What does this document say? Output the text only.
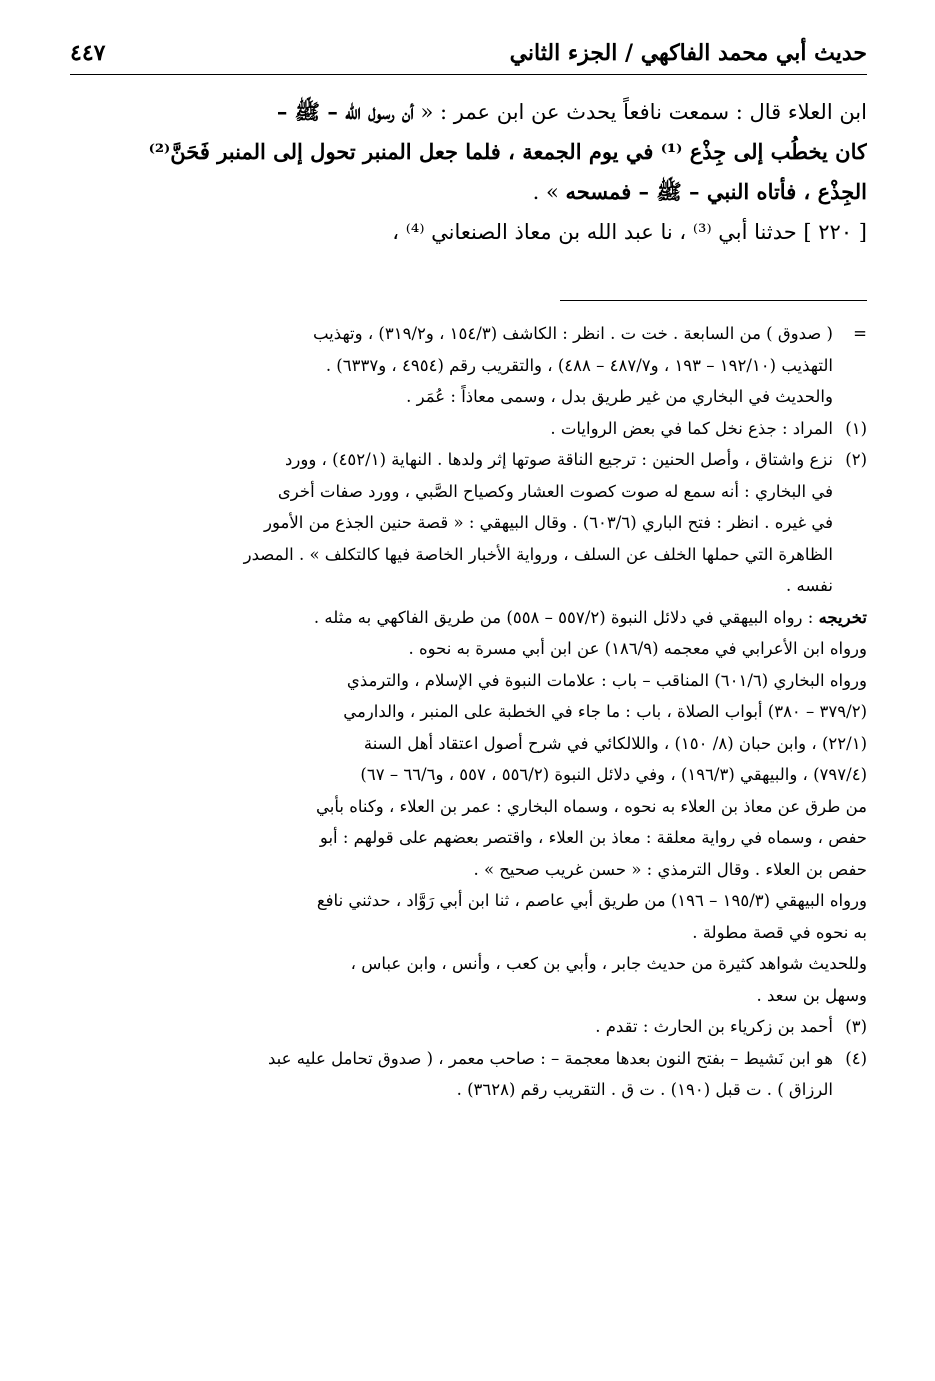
حديث أبي محمد الفاكهي / الجزء الثاني
٤٤٧
ابن العلاء قال : سمعت نافعاً يحدث عن ابن عمر : « أن رسول الله – ﷺ –
كان يخطُب إلى جِذْع ⁽¹⁾ في يوم الجمعة ، فلما جعل المنبر تحول إلى المنبر فَحَنَّ⁽²⁾
الجِذْع ، فأتاه النبي – ﷺ – فمسحه » .
[ ٢٢٠ ] حدثنا أبي ⁽³⁾ ، نا عبد الله بن معاذ الصنعاني ⁽⁴⁾ ،
=
( صدوق ) من السابعة . خت ت . انظر : الكاشف (١٥٤/٣ ، و٣١٩/٢) ، وتهذيب
التهذيب (١٩٢/١٠ – ١٩٣ ، و٤٨٧/٧ – ٤٨٨) ، والتقريب رقم (٤٩٥٤ ، و٦٣٣٧) .
والحديث في البخاري من غير طريق بدل ، وسمى معاذاً : عُمَر .
(١)
المراد : جذع نخل كما في بعض الروايات .
(٢)
نزع واشتاق ، وأصل الحنين : ترجيع الناقة صوتها إثر ولدها . النهاية (٤٥٢/١) ، وورد
في البخاري : أنه سمع له صوت كصوت العشار وكصياح الصَّبي ، وورد صفات أخرى
في غيره . انظر : فتح الباري (٦٠٣/٦) . وقال البيهقي : « قصة حنين الجذع من الأمور
الظاهرة التي حملها الخلف عن السلف ، ورواية الأخبار الخاصة فيها كالتكلف » . المصدر
نفسه .
تخريجه : رواه البيهقي في دلائل النبوة (٥٥٧/٢ – ٥٥٨) من طريق الفاكهي به مثله .
ورواه ابن الأعرابي في معجمه (١٨٦/٩) عن ابن أبي مسرة به نحوه .
ورواه البخاري (٦٠١/٦) المناقب – باب : علامات النبوة في الإسلام ، والترمذي
(٣٧٩/٢ – ٣٨٠) أبواب الصلاة ، باب : ما جاء في الخطبة على المنبر ، والدارمي
(٢٢/١) ، وابن حبان (٨/ ١٥٠) ، واللالكائي في شرح أصول اعتقاد أهل السنة
(٧٩٧/٤) ، والبيهقي (١٩٦/٣) ، وفي دلائل النبوة (٥٥٦/٢ ، ٥٥٧ ، و٦٦/٦ – ٦٧)
من طرق عن معاذ بن العلاء به نحوه ، وسماه البخاري : عمر بن العلاء ، وكناه بأبي
حفص ، وسماه في رواية معلقة : معاذ بن العلاء ، واقتصر بعضهم على قولهم : أبو
حفص بن العلاء . وقال الترمذي : « حسن غريب صحيح » .
ورواه البيهقي (١٩٥/٣ – ١٩٦) من طريق أبي عاصم ، ثنا ابن أبي رَوَّاد ، حدثني نافع
به نحوه في قصة مطولة .
وللحديث شواهد كثيرة من حديث جابر ، وأبي بن كعب ، وأنس ، وابن عباس ،
وسهل بن سعد .
(٣)
أحمد بن زكرياء بن الحارث : تقدم .
(٤)
هو ابن نَشيط – بفتح النون بعدها معجمة – : صاحب معمر ، ( صدوق تحامل عليه عبد
الرزاق ) . ت قبل (١٩٠) . ت ق . التقريب رقم (٣٦٢٨) .
